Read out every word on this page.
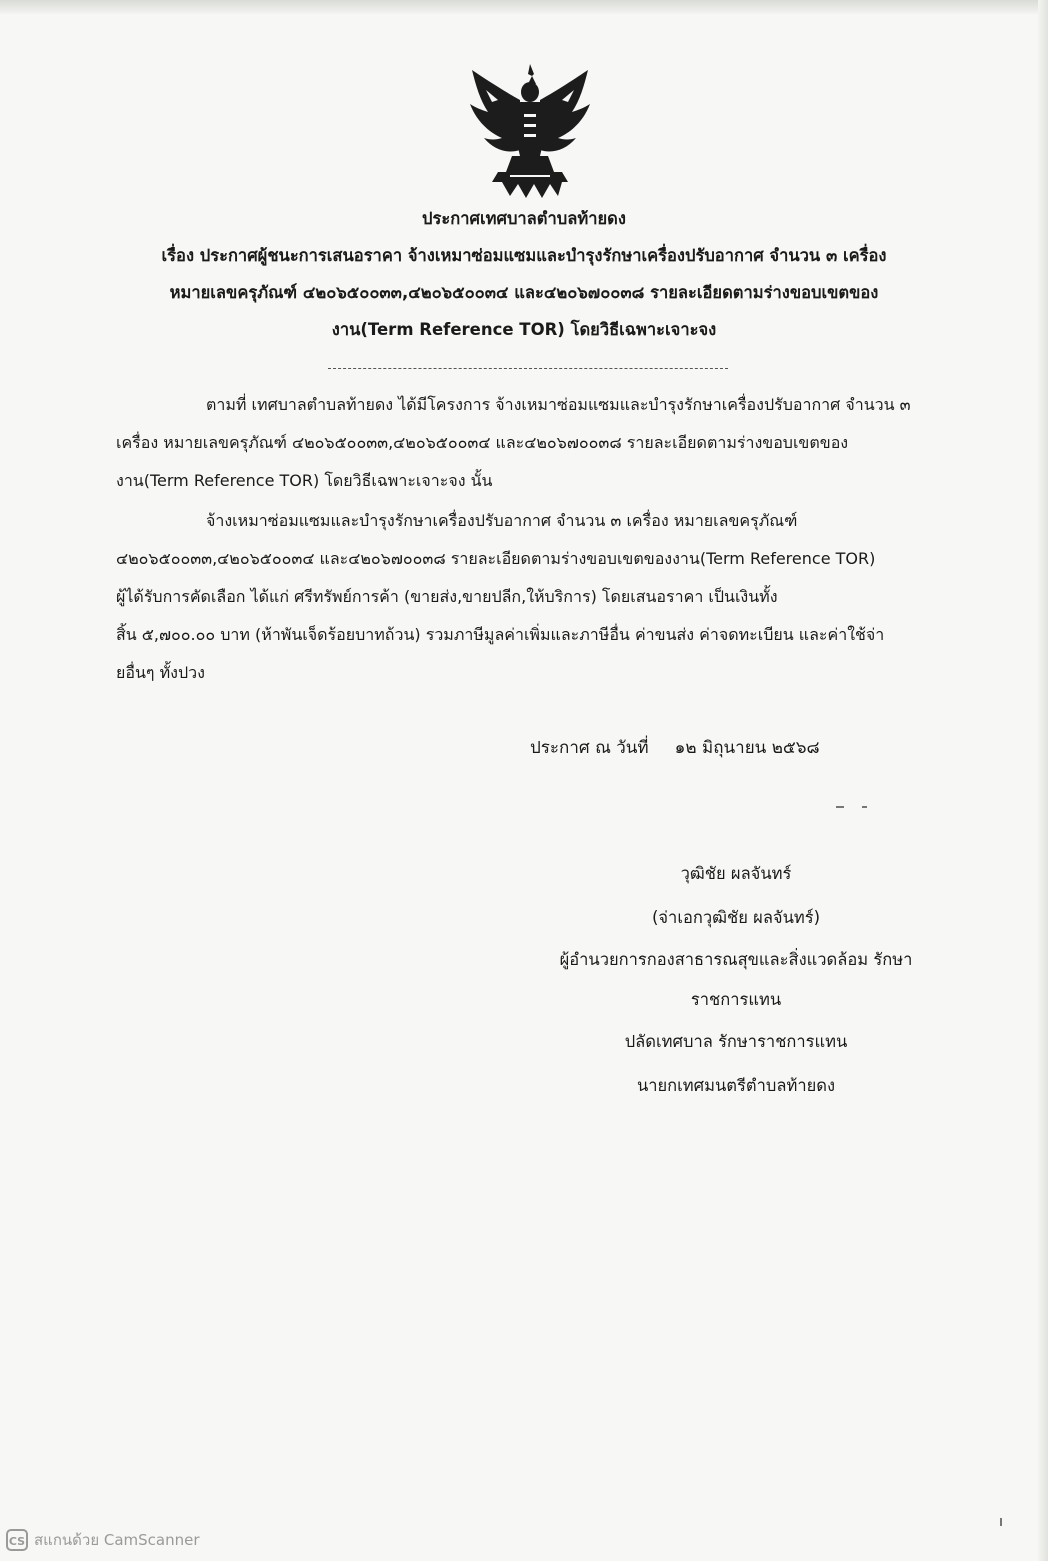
ประกาศเทศบาลตำบลท้ายดง
เรื่อง ประกาศผู้ชนะการเสนอราคา จ้างเหมาซ่อมแซมและบำรุงรักษาเครื่องปรับอากาศ จำนวน ๓ เครื่อง
หมายเลขครุภัณฑ์ ๔๒๐๖๕๐๐๓๓,๔๒๐๖๕๐๐๓๔ และ๔๒๐๖๗๐๐๓๘ รายละเอียดตามร่างขอบเขตของ
งาน(Term Reference TOR) โดยวิธีเฉพาะเจาะจง
ตามที่ เทศบาลตำบลท้ายดง ได้มีโครงการ จ้างเหมาซ่อมแซมและบำรุงรักษาเครื่องปรับอากาศ จำนวน ๓
เครื่อง หมายเลขครุภัณฑ์ ๔๒๐๖๕๐๐๓๓,๔๒๐๖๕๐๐๓๔ และ๔๒๐๖๗๐๐๓๘ รายละเอียดตามร่างขอบเขตของ
งาน(Term Reference TOR) โดยวิธีเฉพาะเจาะจง นั้น
จ้างเหมาซ่อมแซมและบำรุงรักษาเครื่องปรับอากาศ จำนวน ๓ เครื่อง หมายเลขครุภัณฑ์
๔๒๐๖๕๐๐๓๓,๔๒๐๖๕๐๐๓๔ และ๔๒๐๖๗๐๐๓๘ รายละเอียดตามร่างขอบเขตของงาน(Term Reference TOR)
ผู้ได้รับการคัดเลือก ได้แก่ ศรีทรัพย์การค้า (ขายส่ง,ขายปลีก,ให้บริการ) โดยเสนอราคา เป็นเงินทั้ง
สิ้น ๕,๗๐๐.๐๐ บาท (ห้าพันเจ็ดร้อยบาทถ้วน) รวมภาษีมูลค่าเพิ่มและภาษีอื่น ค่าขนส่ง ค่าจดทะเบียน และค่าใช้จ่า
ยอื่นๆ ทั้งปวง
ประกาศ ณ วันที่ ๑๒ มิถุนายน ๒๕๖๘
วุฒิชัย ผลจันทร์
(จ่าเอกวุฒิชัย ผลจันทร์)
ผู้อำนวยการกองสาธารณสุขและสิ่งแวดล้อม รักษา
ราชการแทน
ปลัดเทศบาล รักษาราชการแทน
นายกเทศมนตรีตำบลท้ายดง
CS สแกนด้วย CamScanner
